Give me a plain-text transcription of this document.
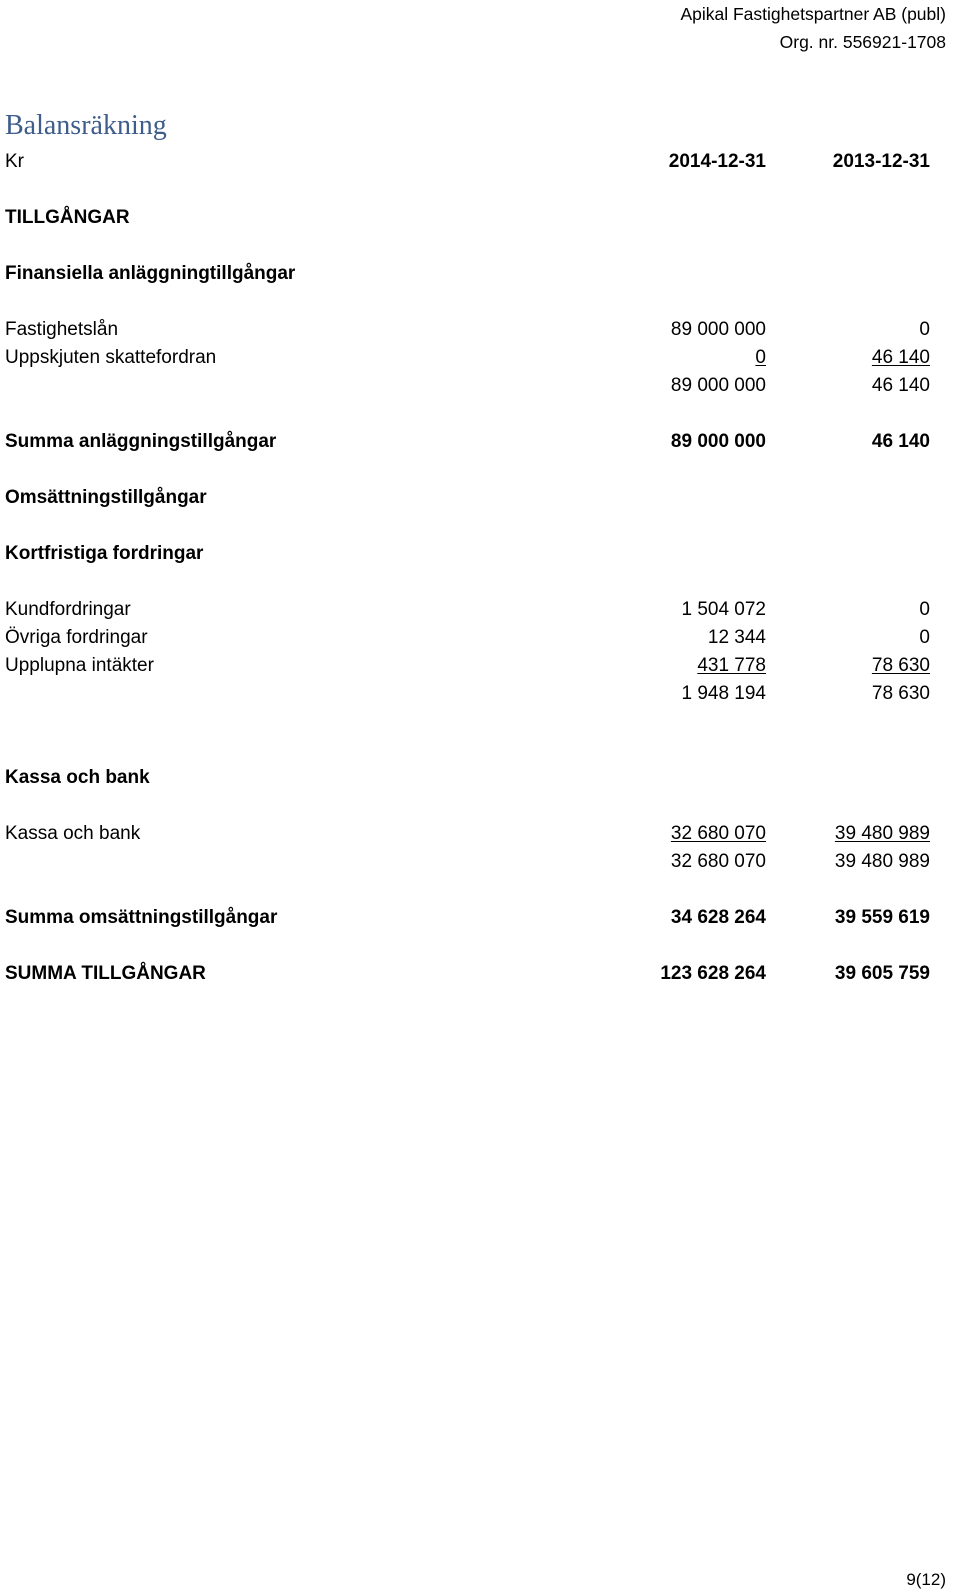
Apikal Fastighetspartner AB (publ)
Org. nr. 556921-1708
Balansräkning
Kr	2014-12-31	2013-12-31
TILLGÅNGAR
Finansiella anläggningtillgångar
Fastighetslån	89 000 000	0
Uppskjuten skattefordran	0	46 140
89 000 000	46 140
Summa anläggningstillgångar	89 000 000	46 140
Omsättningstillgångar
Kortfristiga fordringar
Kundfordringar	1 504 072	0
Övriga fordringar	12 344	0
Upplupna intäkter	431 778	78 630
1 948 194	78 630
Kassa och bank
Kassa och bank	32 680 070	39 480 989
32 680 070	39 480 989
Summa omsättningstillgångar	34 628 264	39 559 619
SUMMA TILLGÅNGAR	123 628 264	39 605 759
9(12)
